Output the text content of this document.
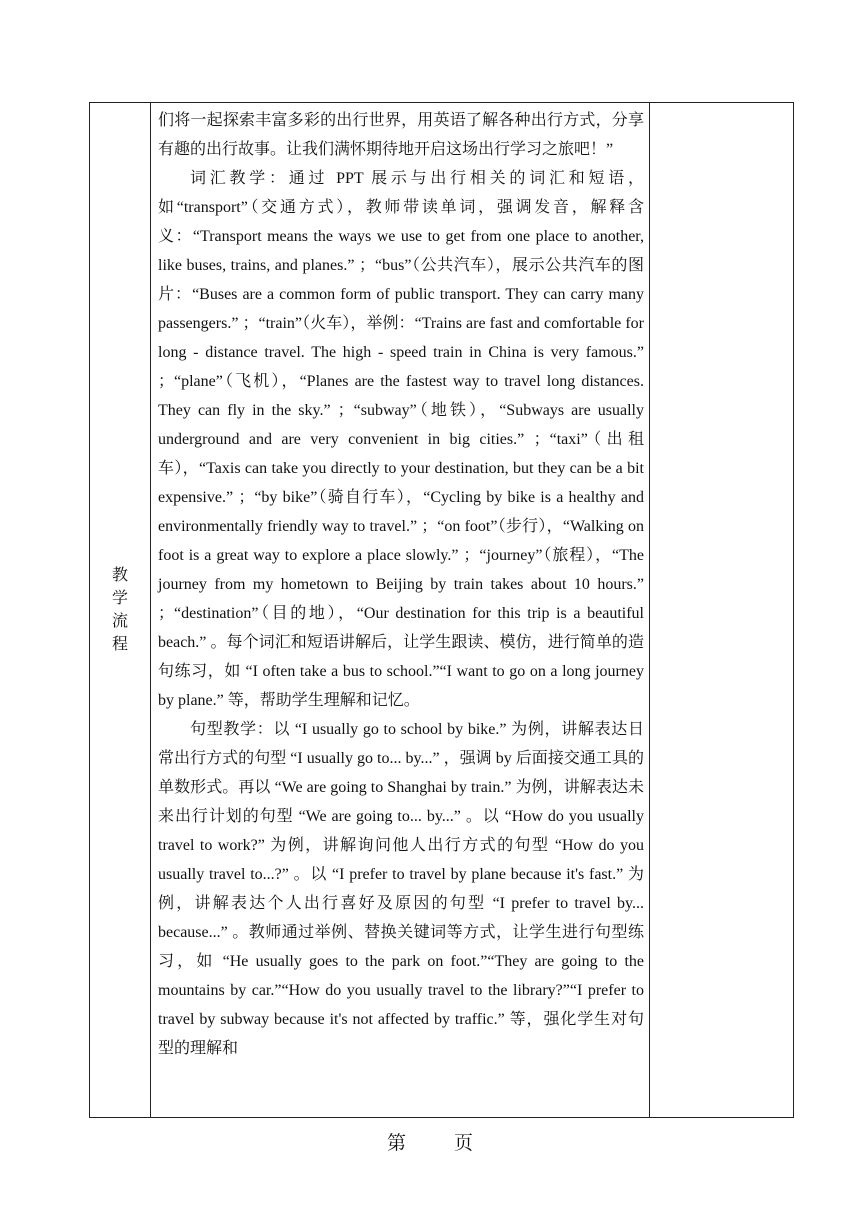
教学流程

们将一起探索丰富多彩的出行世界，用英语了解各种出行方式，分享有趣的出行故事。让我们满怀期待地开启这场出行学习之旅吧！”

词汇教学：通过 PPT 展示与出行相关的词汇和短语，如“transport”（交通方式），教师带读单词，强调发音，解释含义：“Transport means the ways we use to get from one place to another, like buses, trains, and planes.” ；“bus”（公共汽车），展示公共汽车的图片：“Buses are a common form of public transport. They can carry many passengers.” ；“train”（火车），举例：“Trains are fast and comfortable for long - distance travel. The high - speed train in China is very famous.” ；“plane”（飞机），“Planes are the fastest way to travel long distances. They can fly in the sky.” ；“subway”（地铁），“Subways are usually underground and are very convenient in big cities.” ；“taxi”（出租车），“Taxis can take you directly to your destination, but they can be a bit expensive.” ；“by bike”（骑自行车），“Cycling by bike is a healthy and environmentally friendly way to travel.” ；“on foot”（步行），“Walking on foot is a great way to explore a place slowly.” ；“journey”（旅程），“The journey from my hometown to Beijing by train takes about 10 hours.” ；“destination”（目的地），“Our destination for this trip is a beautiful beach.” 。每个词汇和短语讲解后，让学生跟读、模仿，进行简单的造句练习，如 “I often take a bus to school.”“I want to go on a long journey by plane.” 等，帮助学生理解和记忆。

句型教学：以 “I usually go to school by bike.” 为例，讲解表达日常出行方式的句型 “I usually go to... by...” ，强调 by 后面接交通工具的单数形式。再以 “We are going to Shanghai by train.” 为例，讲解表达未来出行计划的句型 “We are going to... by...” 。以 “How do you usually travel to work?” 为例，讲解询问他人出行方式的句型 “How do you usually travel to...?” 。以 “I prefer to travel by plane because it's fast.” 为例，讲解表达个人出行喜好及原因的句型 “I prefer to travel by... because...” 。教师通过举例、替换关键词等方式，让学生进行句型练习，如 “He usually goes to the park on foot.”“They are going to the mountains by car.”“How do you usually travel to the library?”“I prefer to travel by subway because it's not affected by traffic.” 等，强化学生对句型的理解和

第	页
